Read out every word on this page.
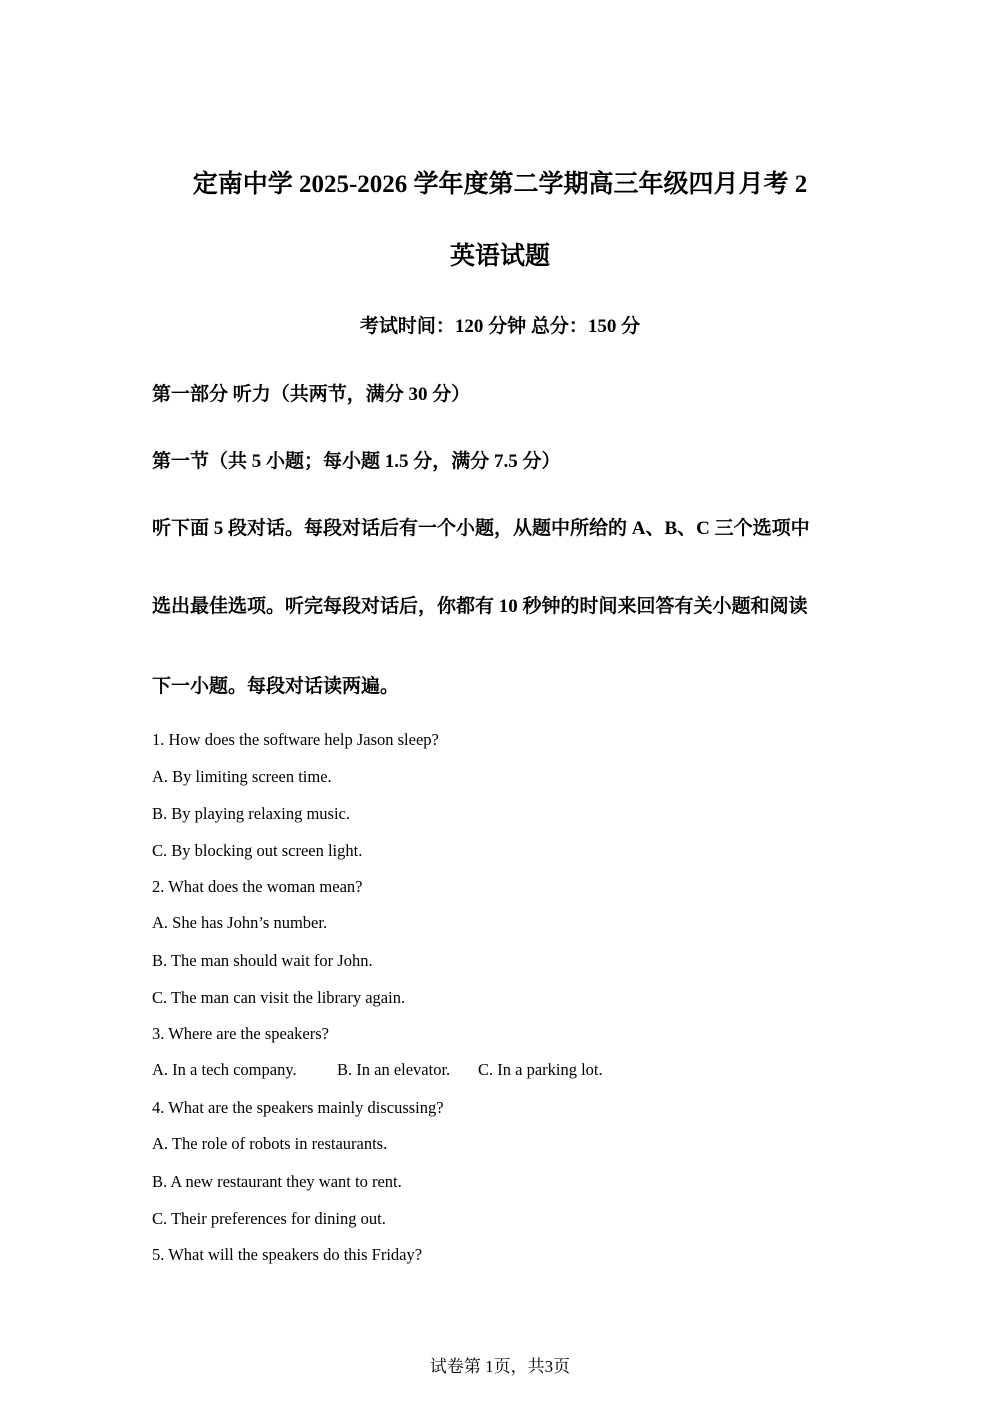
定南中学 2025-2026 学年度第二学期高三年级四月月考 2
英语试题
考试时间：120 分钟 总分：150 分
第一部分 听力（共两节，满分 30 分）
第一节（共 5 小题；每小题 1.5 分，满分 7.5 分）
听下面 5 段对话。每段对话后有一个小题，从题中所给的 A、B、C 三个选项中
选出最佳选项。听完每段对话后，你都有 10 秒钟的时间来回答有关小题和阅读
下一小题。每段对话读两遍。
1. How does the software help Jason sleep?
A. By limiting screen time.
B. By playing relaxing music.
C. By blocking out screen light.
2. What does the woman mean?
A. She has John’s number.
B. The man should wait for John.
C. The man can visit the library again.
3. Where are the speakers?
A. In a tech company. B. In an elevator. C. In a parking lot.
4. What are the speakers mainly discussing?
A. The role of robots in restaurants.
B. A new restaurant they want to rent.
C. Their preferences for dining out.
5. What will the speakers do this Friday?
试卷第 1页，共3页
